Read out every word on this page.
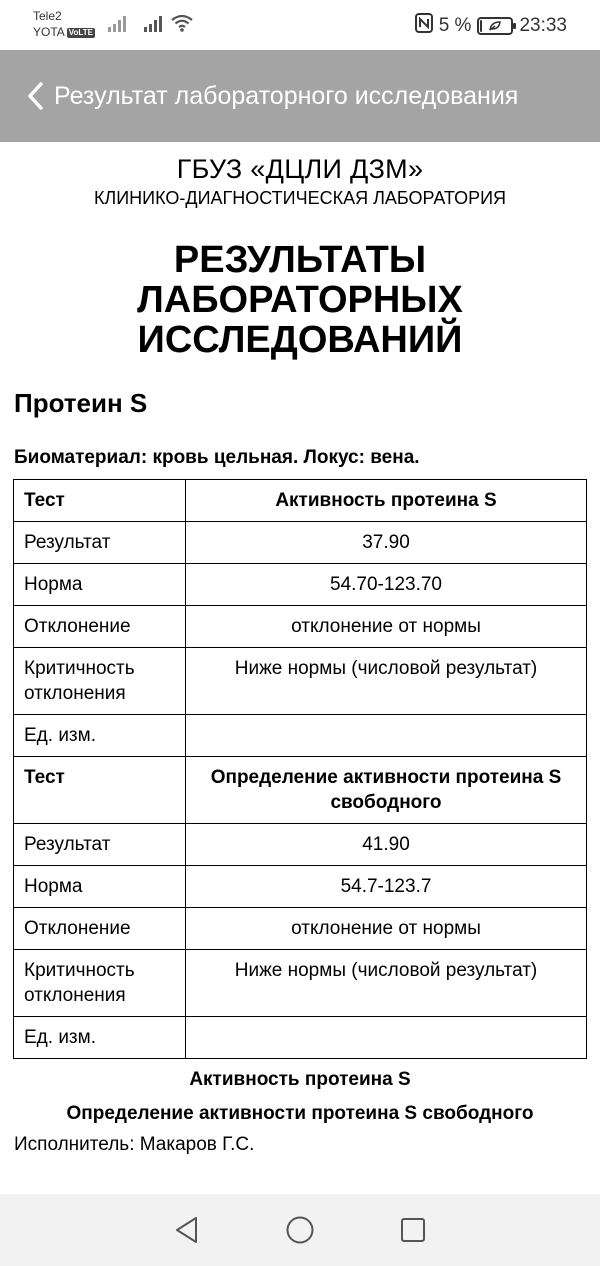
Tele2
YOTA VoLTE	5 %	23:33
Результат лабораторного исследования
ГБУЗ «ДЦЛИ ДЗМ»
КЛИНИКО-ДИАГНОСТИЧЕСКАЯ ЛАБОРАТОРИЯ
РЕЗУЛЬТАТЫ ЛАБОРАТОРНЫХ ИССЛЕДОВАНИЙ
Протеин S
Биоматериал: кровь цельная. Локус: вена.
Тест	Активность протеина S
Результат	37.90
Норма	54.70-123.70
Отклонение	отклонение от нормы
Критичность отклонения	Ниже нормы (числовой результат)
Ед. изм.	
Тест	Определение активности протеина S свободного
Результат	41.90
Норма	54.7-123.7
Отклонение	отклонение от нормы
Критичность отклонения	Ниже нормы (числовой результат)
Ед. изм.	
Активность протеина S
Определение активности протеина S свободного
Исполнитель: Макаров Г.С.
